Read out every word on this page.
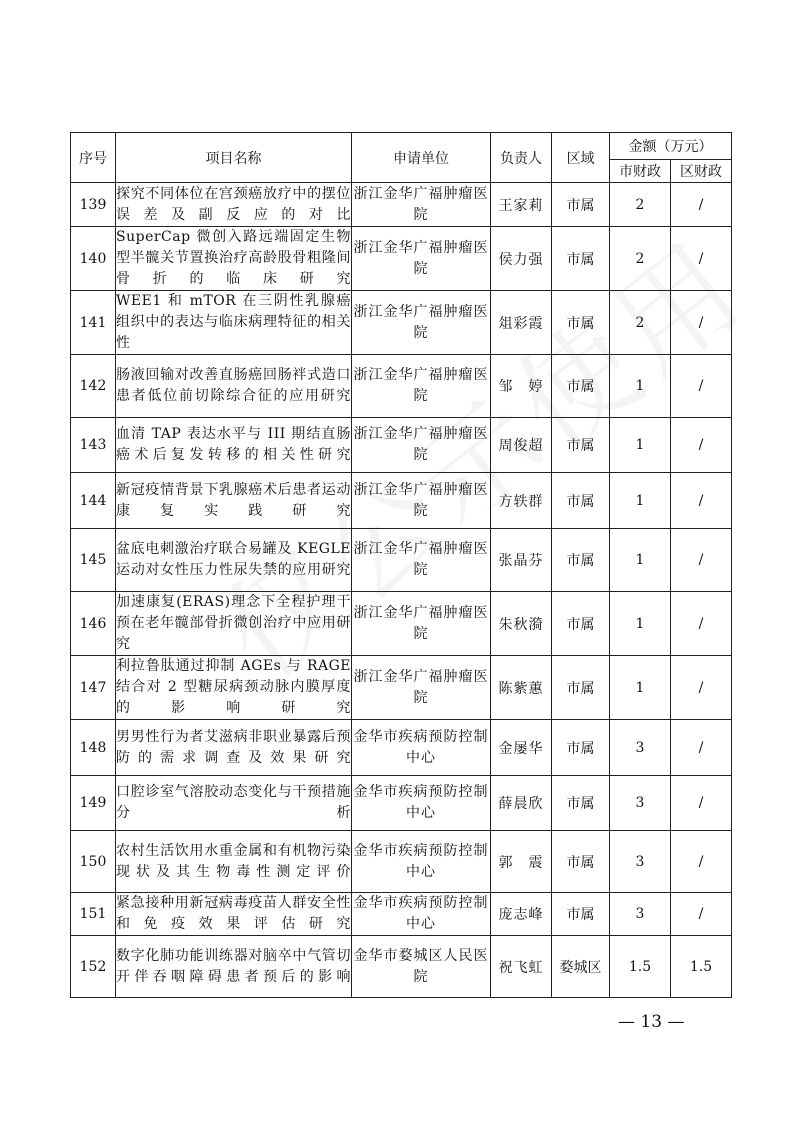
序号	项目名称	申请单位	负责人	区域	金额（万元）	
					市财政	区财政
139	探究不同体位在宫颈癌放疗中的摆位误差及副反应的对比	浙江金华广福肿瘤医院	王家莉	市属	2	/
140	SuperCap 微创入路远端固定生物型半髋关节置换治疗高龄股骨粗隆间骨折的临床研究	浙江金华广福肿瘤医院	侯力强	市属	2	/
141	WEE1 和 mTOR 在三阴性乳腺癌组织中的表达与临床病理特征的相关性	浙江金华广福肿瘤医院	俎彩霞	市属	2	/
142	肠液回输对改善直肠癌回肠袢式造口患者低位前切除综合征的应用研究	浙江金华广福肿瘤医院	邹　婷	市属	1	/
143	血清 TAP 表达水平与 III 期结直肠癌术后复发转移的相关性研究	浙江金华广福肿瘤医院	周俊超	市属	1	/
144	新冠疫情背景下乳腺癌术后患者运动康复实践研究	浙江金华广福肿瘤医院	方轶群	市属	1	/
145	盆底电刺激治疗联合易罐及 KEGLE 运动对女性压力性尿失禁的应用研究	浙江金华广福肿瘤医院	张晶芬	市属	1	/
146	加速康复(ERAS)理念下全程护理干预在老年髋部骨折微创治疗中应用研究	浙江金华广福肿瘤医院	朱秋漪	市属	1	/
147	利拉鲁肽通过抑制 AGEs 与 RAGE 结合对 2 型糖尿病颈动脉内膜厚度的影响研究	浙江金华广福肿瘤医院	陈紫蕙	市属	1	/
148	男男性行为者艾滋病非职业暴露后预防的需求调查及效果研究	金华市疾病预防控制中心	金屡华	市属	3	/
149	口腔诊室气溶胶动态变化与干预措施分析	金华市疾病预防控制中心	薛晨欣	市属	3	/
150	农村生活饮用水重金属和有机物污染现状及其生物毒性测定评价	金华市疾病预防控制中心	郭　震	市属	3	/
151	紧急接种用新冠病毒疫苗人群安全性和免疫效果评估研究	金华市疾病预防控制中心	庞志峰	市属	3	/
152	数字化肺功能训练器对脑卒中气管切开伴吞咽障碍患者预后的影响	金华市婺城区人民医院	祝飞虹	婺城区	1.5	1.5
— 13 —
